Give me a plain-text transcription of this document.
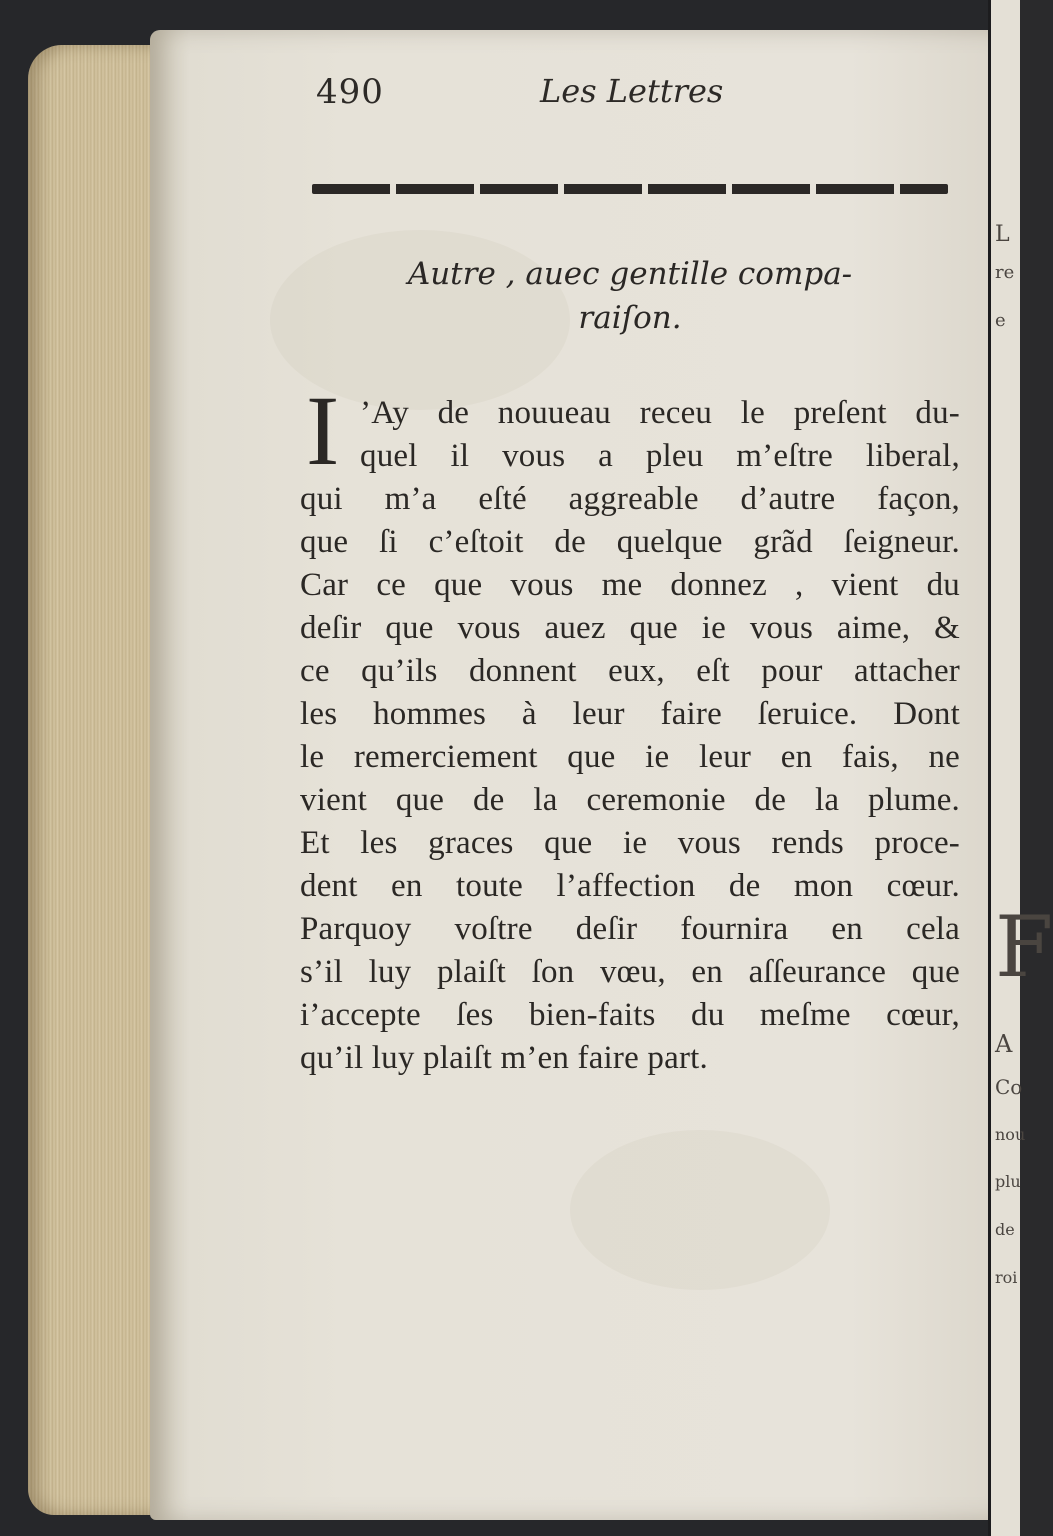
L
re
e
F
A
Co
nou
plu
de
roi
490	Les Lettres
Autre , auec gentille compa-
raiſon.
I ’Ay de nouueau receu le preſent du-
quel il vous a pleu m’eſtre liberal,
qui m’a eſté aggreable d’autre façon,
que ſi c’eſtoit de quelque grãd ſeigneur.
Car ce que vous me donnez , vient du
deſir que vous auez que ie vous aime, &
ce qu’ils donnent eux, eſt pour attacher
les hommes à leur faire ſeruice. Dont
le remerciement que ie leur en fais, ne
vient que de la ceremonie de la plume.
Et les graces que ie vous rends proce-
dent en toute l’affection de mon cœur.
Parquoy voſtre deſir fournira en cela
s’il luy plaiſt ſon vœu, en aſſeurance que
i’accepte ſes bien-faits du meſme cœur,
qu’il luy plaiſt m’en faire part.
